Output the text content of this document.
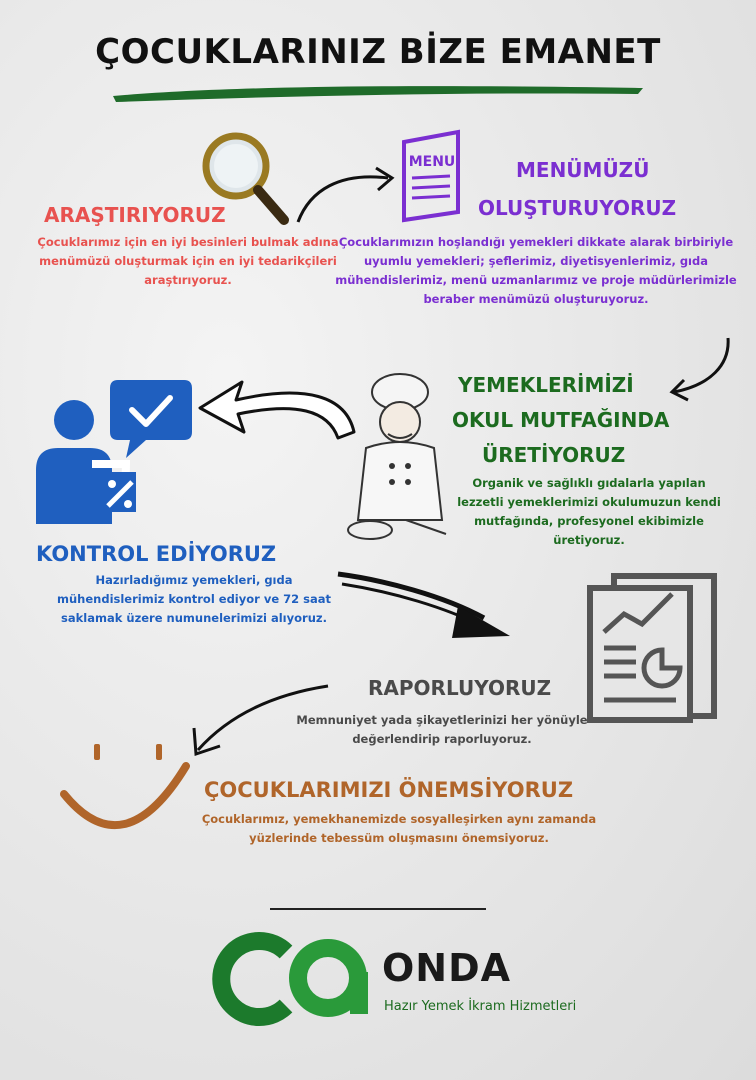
ÇOCUKLARINIZ BİZE EMANET
ARAŞTIRIYORUZ
Çocuklarımız için en iyi besinleri bulmak adına menümüzü oluşturmak için en iyi tedarikçileri araştırıyoruz.
MENU	MENÜMÜZÜ
OLUŞTURUYORUZ
Çocuklarımızın hoşlandığı yemekleri dikkate alarak birbiriyle uyumlu yemekleri; şeflerimiz, diyetisyenlerimiz, gıda mühendislerimiz, menü uzmanlarımız ve proje müdürlerimizle beraber menümüzü oluşturuyoruz.
YEMEKLERİMİZİ
OKUL MUTFAĞINDA
ÜRETİYORUZ
Organik ve sağlıklı gıdalarla yapılan lezzetli yemeklerimizi okulumuzun kendi mutfağında, profesyonel ekibimizle üretiyoruz.
KONTROL EDİYORUZ
Hazırladığımız yemekleri, gıda mühendislerimiz kontrol ediyor ve 72 saat saklamak üzere numunelerimizi alıyoruz.
RAPORLUYORUZ
Memnuniyet yada şikayetlerinizi her yönüyle değerlendirip raporluyoruz.
ÇOCUKLARIMIZI ÖNEMSİYORUZ
Çocuklarımız, yemekhanemizde sosyalleşirken aynı zamanda yüzlerinde tebessüm oluşmasını önemsiyoruz.
ONDA
Hazır Yemek İkram Hizmetleri
